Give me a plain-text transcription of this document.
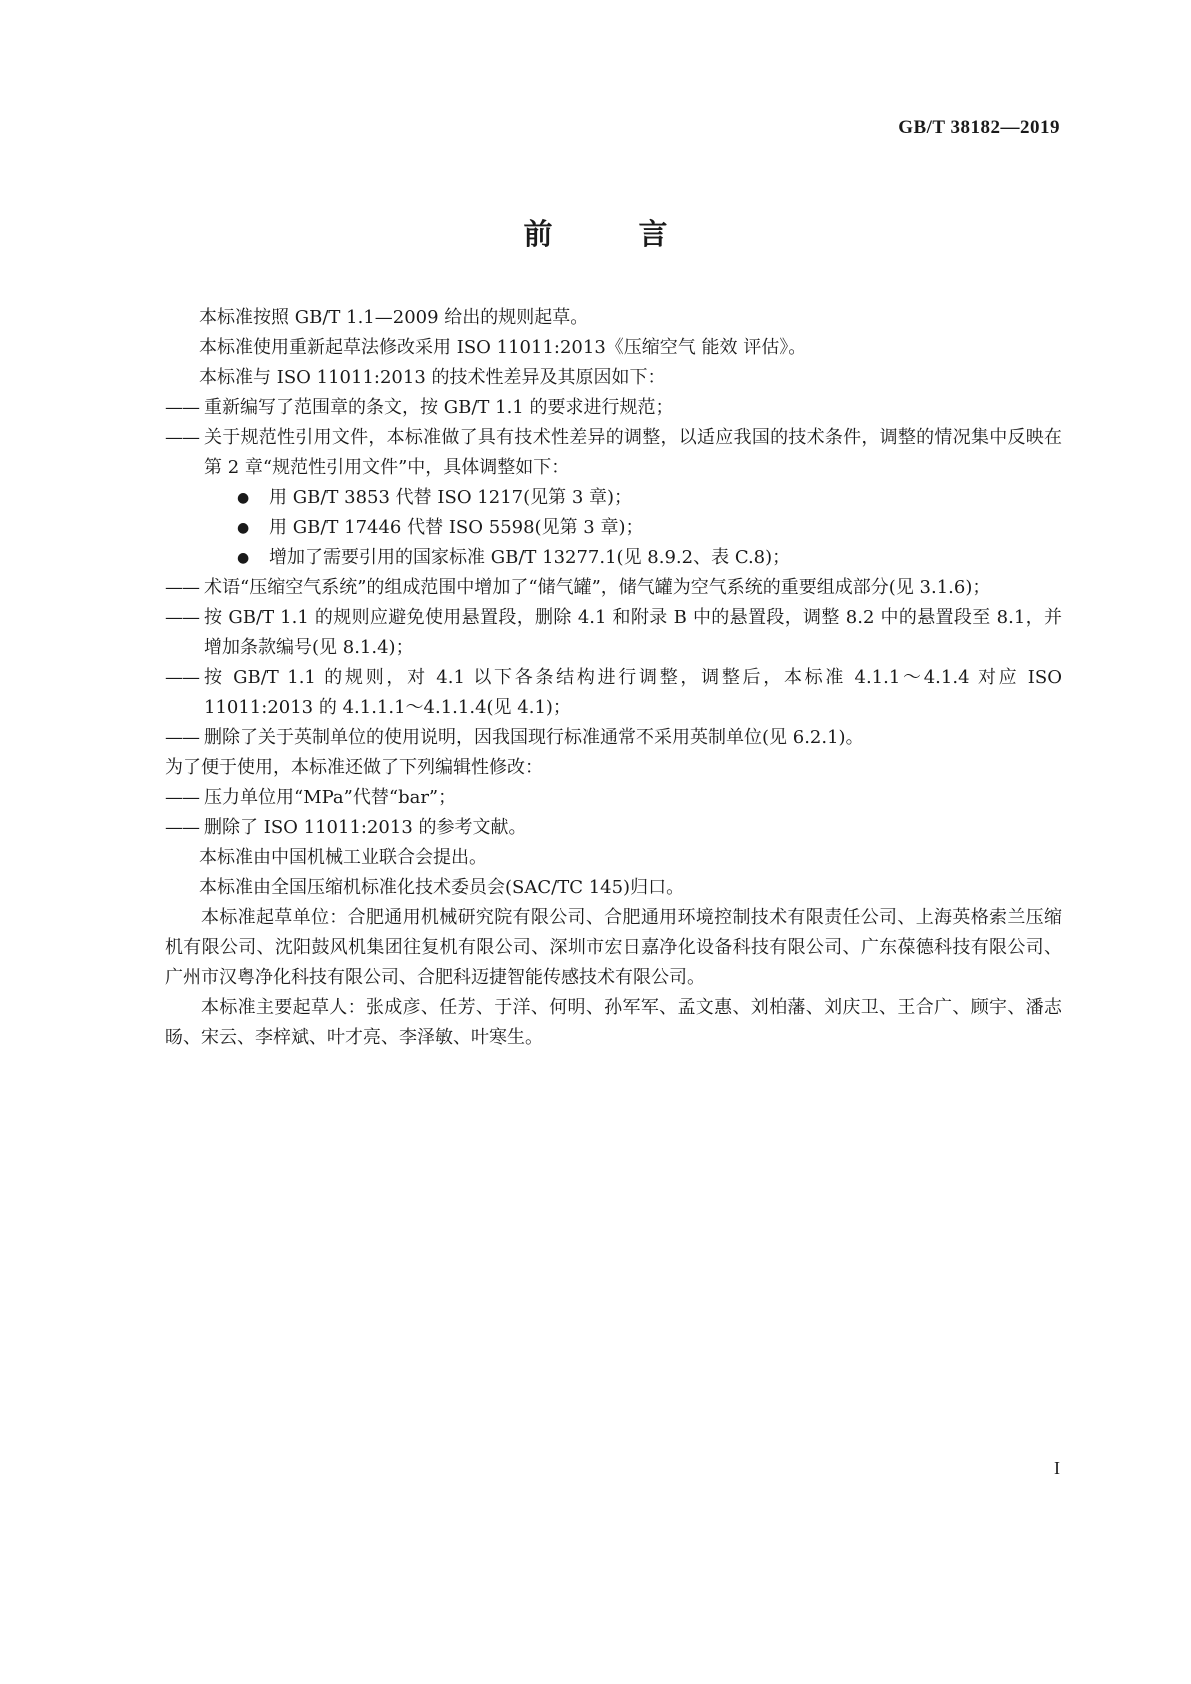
GB/T 38182—2019
前 言
本标准按照 GB/T 1.1—2009 给出的规则起草。
本标准使用重新起草法修改采用 ISO 11011:2013《压缩空气 能效 评估》。
本标准与 ISO 11011:2013 的技术性差异及其原因如下：
—— 重新编写了范围章的条文，按 GB/T 1.1 的要求进行规范；
—— 关于规范性引用文件，本标准做了具有技术性差异的调整，以适应我国的技术条件，调整的情况集中反映在第 2 章“规范性引用文件”中，具体调整如下：
●	用 GB/T 3853 代替 ISO 1217(见第 3 章)；
●	用 GB/T 17446 代替 ISO 5598(见第 3 章)；
●	增加了需要引用的国家标准 GB/T 13277.1(见 8.9.2、表 C.8)；
—— 术语“压缩空气系统”的组成范围中增加了“储气罐”，储气罐为空气系统的重要组成部分(见 3.1.6)；
—— 按 GB/T 1.1 的规则应避免使用悬置段，删除 4.1 和附录 B 中的悬置段，调整 8.2 中的悬置段至 8.1，并增加条款编号(见 8.1.4)；
—— 按 GB/T 1.1 的规则，对 4.1 以下各条结构进行调整，调整后，本标准 4.1.1～4.1.4 对应 ISO 11011:2013 的 4.1.1.1～4.1.1.4(见 4.1)；
—— 删除了关于英制单位的使用说明，因我国现行标准通常不采用英制单位(见 6.2.1)。
为了便于使用，本标准还做了下列编辑性修改：
—— 压力单位用“MPa”代替“bar”；
—— 删除了 ISO 11011:2013 的参考文献。
本标准由中国机械工业联合会提出。
本标准由全国压缩机标准化技术委员会(SAC/TC 145)归口。
本标准起草单位：合肥通用机械研究院有限公司、合肥通用环境控制技术有限责任公司、上海英格索兰压缩机有限公司、沈阳鼓风机集团往复机有限公司、深圳市宏日嘉净化设备科技有限公司、广东葆德科技有限公司、广州市汉粤净化科技有限公司、合肥科迈捷智能传感技术有限公司。
本标准主要起草人：张成彦、任芳、于洋、何明、孙军军、孟文惠、刘柏藩、刘庆卫、王合广、顾宇、潘志旸、宋云、李梓斌、叶才亮、李泽敏、叶寒生。
I
